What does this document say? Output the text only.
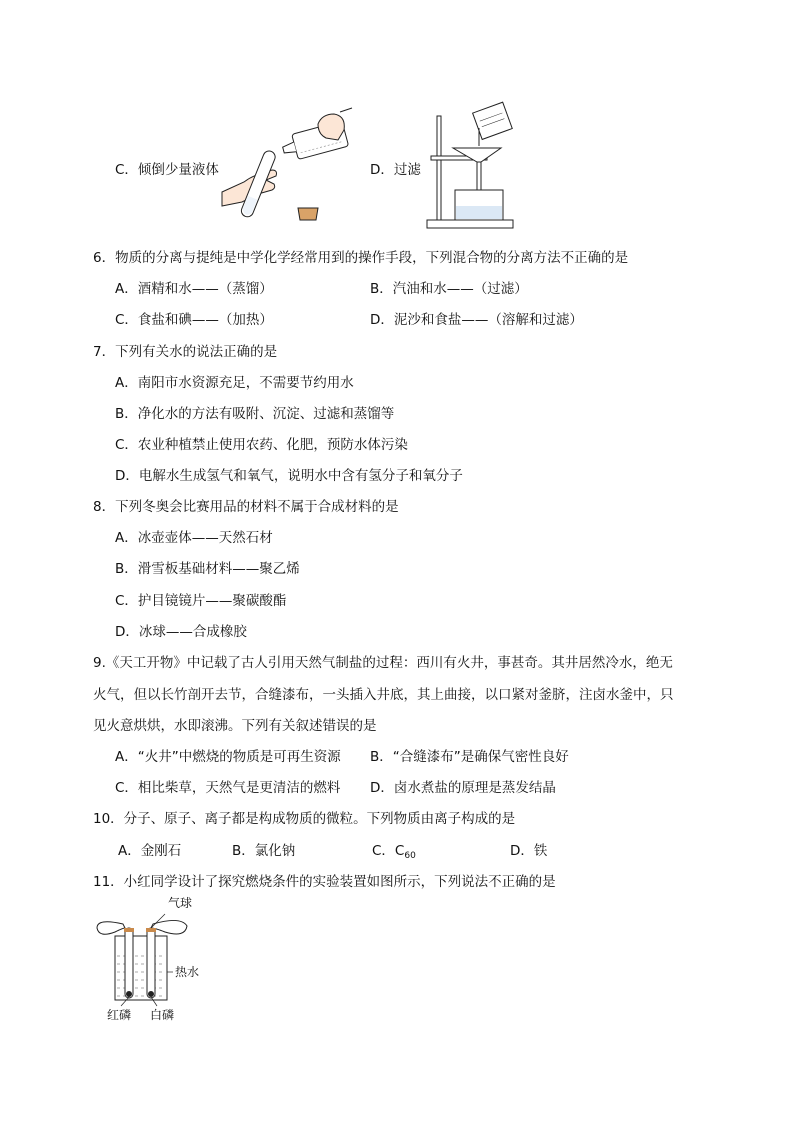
C．倾倒少量液体	D．过滤
6．物质的分离与提纯是中学化学经常用到的操作手段，下列混合物的分离方法不正确的是
A．酒精和水——（蒸馏）	B．汽油和水——（过滤）
C．食盐和碘——（加热）	D．泥沙和食盐——（溶解和过滤）
7．下列有关水的说法正确的是
A．南阳市水资源充足，不需要节约用水
B．净化水的方法有吸附、沉淀、过滤和蒸馏等
C．农业种植禁止使用农药、化肥，预防水体污染
D．电解水生成氢气和氧气，说明水中含有氢分子和氧分子
8．下列冬奥会比赛用品的材料不属于合成材料的是
A．冰壶壶体——天然石材
B．滑雪板基础材料——聚乙烯
C．护目镜镜片——聚碳酸酯
D．冰球——合成橡胶
9.《天工开物》中记载了古人引用天然气制盐的过程：西川有火井，事甚奇。其井居然冷水，绝无
火气，但以长竹剖开去节，合缝漆布，一头插入井底，其上曲接，以口紧对釜脐，注卤水釜中，只
见火意烘烘，水即滚沸。下列有关叙述错误的是
A．“火井”中燃烧的物质是可再生资源 B．“合缝漆布”是确保气密性良好
C．相比柴草，天然气是更清洁的燃料 D．卤水煮盐的原理是蒸发结晶
10．分子、原子、离子都是构成物质的微粒。下列物质由离子构成的是
A．金刚石	B．氯化钠	C．$C_{60}$	D．铁
11．小红同学设计了探究燃烧条件的实验装置如图所示，下列说法不正确的是
气球
热水
红磷 白磷
